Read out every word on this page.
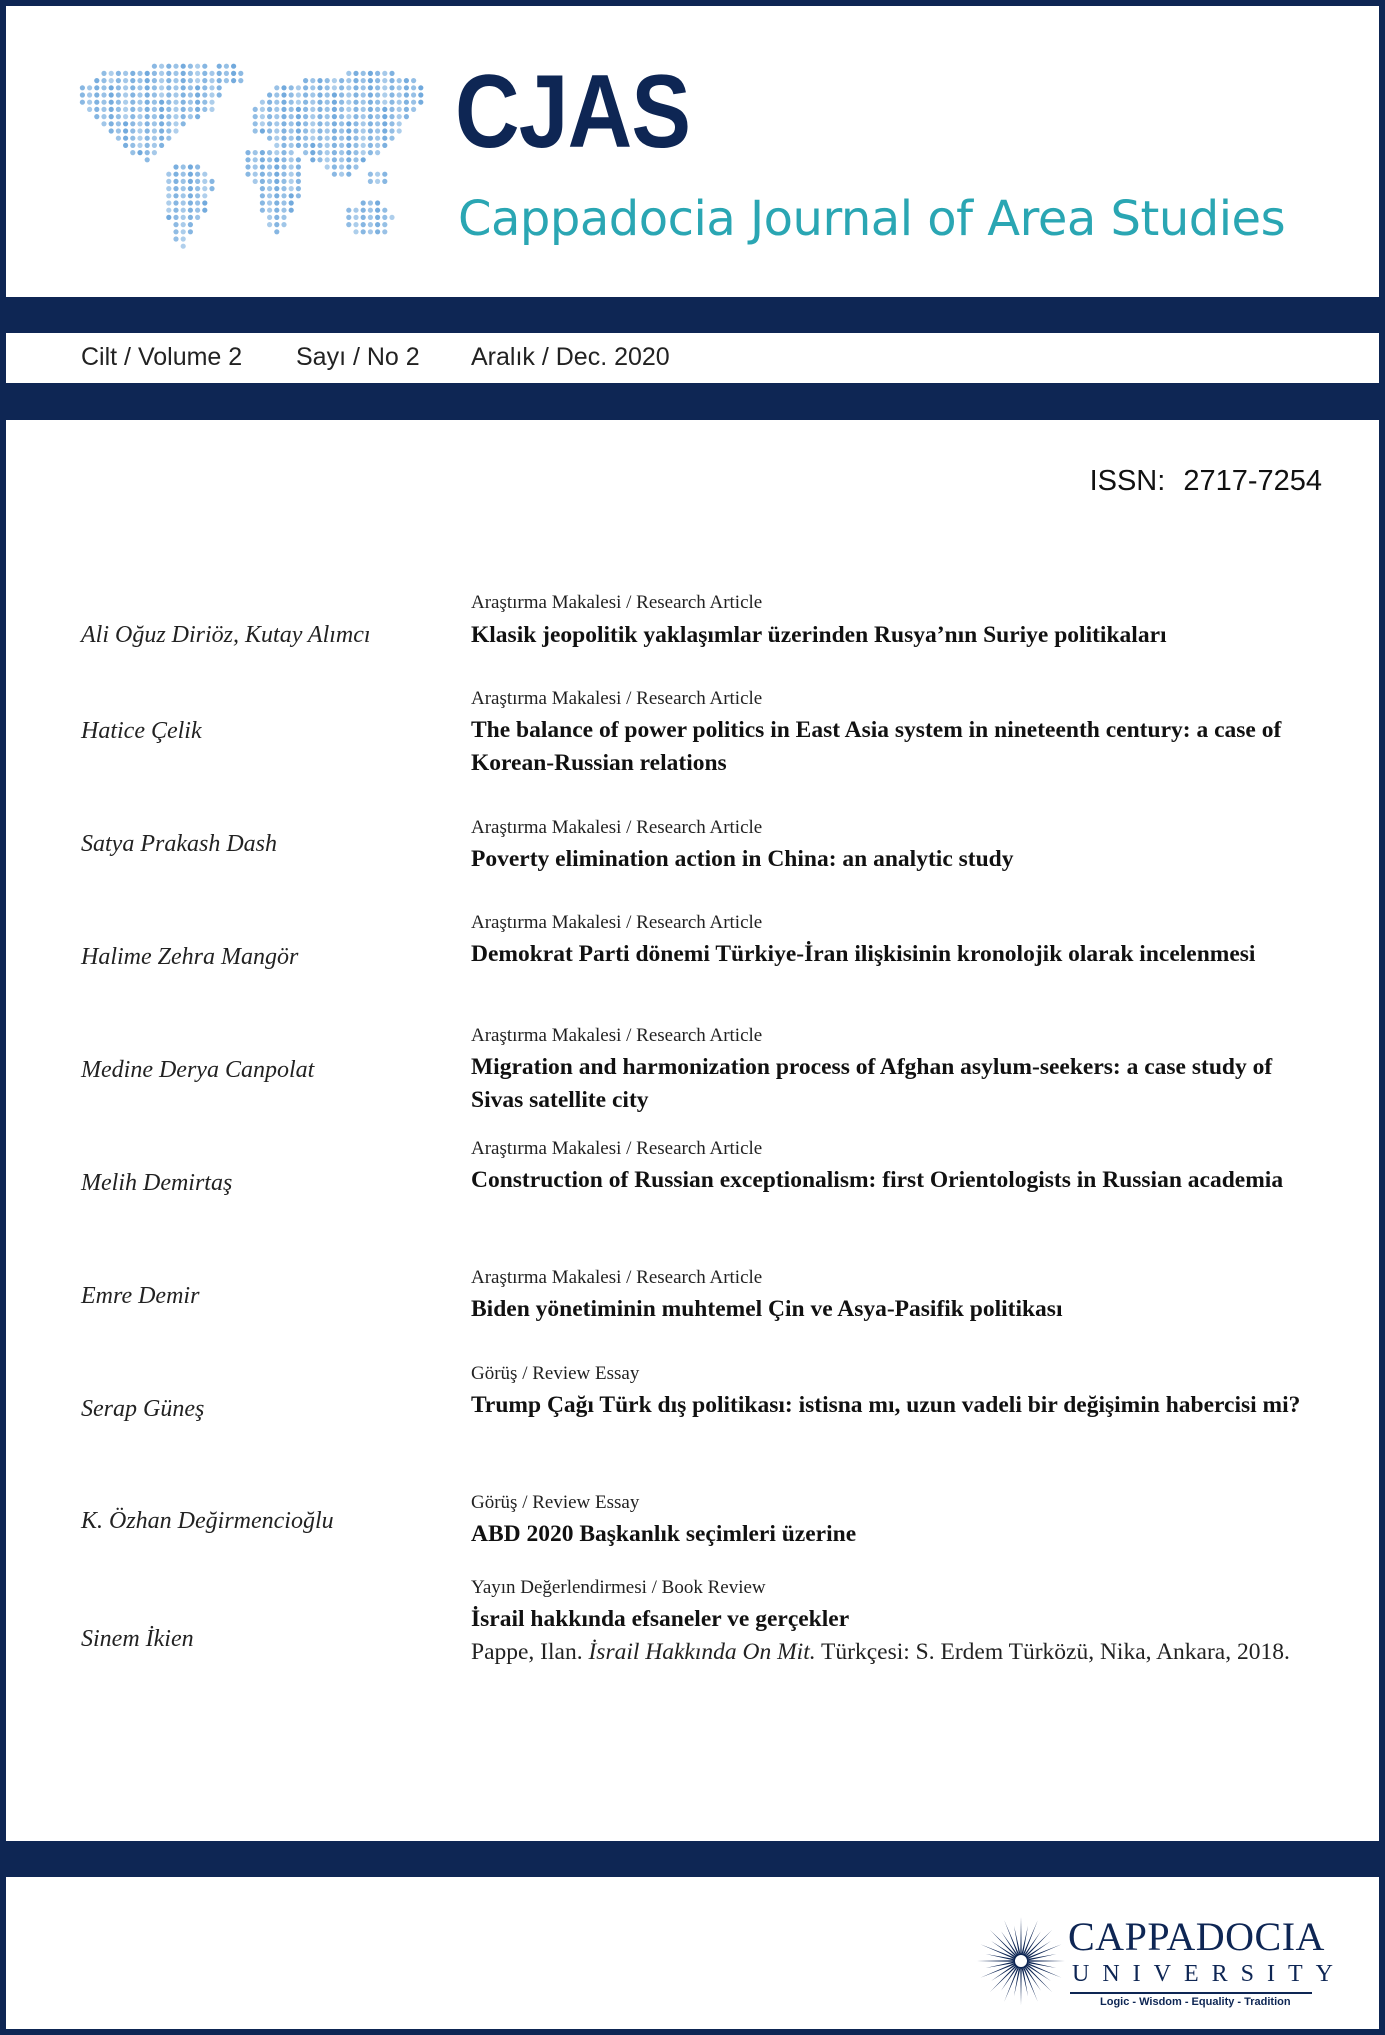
CJAS
Cappadocia Journal of Area Studies
Cilt / Volume 2 Sayı / No 2 Aralık / Dec. 2020
ISSN: 2717-7254
Ali Oğuz Diriöz, Kutay Alımcı
Araştırma Makalesi / Research Article
Klasik jeopolitik yaklaşımlar üzerinden Rusya’nın Suriye politikaları
Hatice Çelik
Araştırma Makalesi / Research Article
The balance of power politics in East Asia system in nineteenth century: a case of Korean-Russian relations
Satya Prakash Dash
Araştırma Makalesi / Research Article
Poverty elimination action in China: an analytic study
Halime Zehra Mangör
Araştırma Makalesi / Research Article
Demokrat Parti dönemi Türkiye-İran ilişkisinin kronolojik olarak incelenmesi
Medine Derya Canpolat
Araştırma Makalesi / Research Article
Migration and harmonization process of Afghan asylum-seekers: a case study of Sivas satellite city
Melih Demirtaş
Araştırma Makalesi / Research Article
Construction of Russian exceptionalism: first Orientologists in Russian academia
Emre Demir
Araştırma Makalesi / Research Article
Biden yönetiminin muhtemel Çin ve Asya-Pasifik politikası
Serap Güneş
Görüş / Review Essay
Trump Çağı Türk dış politikası: istisna mı, uzun vadeli bir değişimin habercisi mi?
K. Özhan Değirmencioğlu
Görüş / Review Essay
ABD 2020 Başkanlık seçimleri üzerine
Sinem İkien
Yayın Değerlendirmesi / Book Review
İsrail hakkında efsaneler ve gerçekler
Pappe, Ilan. İsrail Hakkında On Mit. Türkçesi: S. Erdem Türközü, Nika, Ankara, 2018.
CAPPADOCIA
UNIVERSITY
Logic - Wisdom - Equality - Tradition
